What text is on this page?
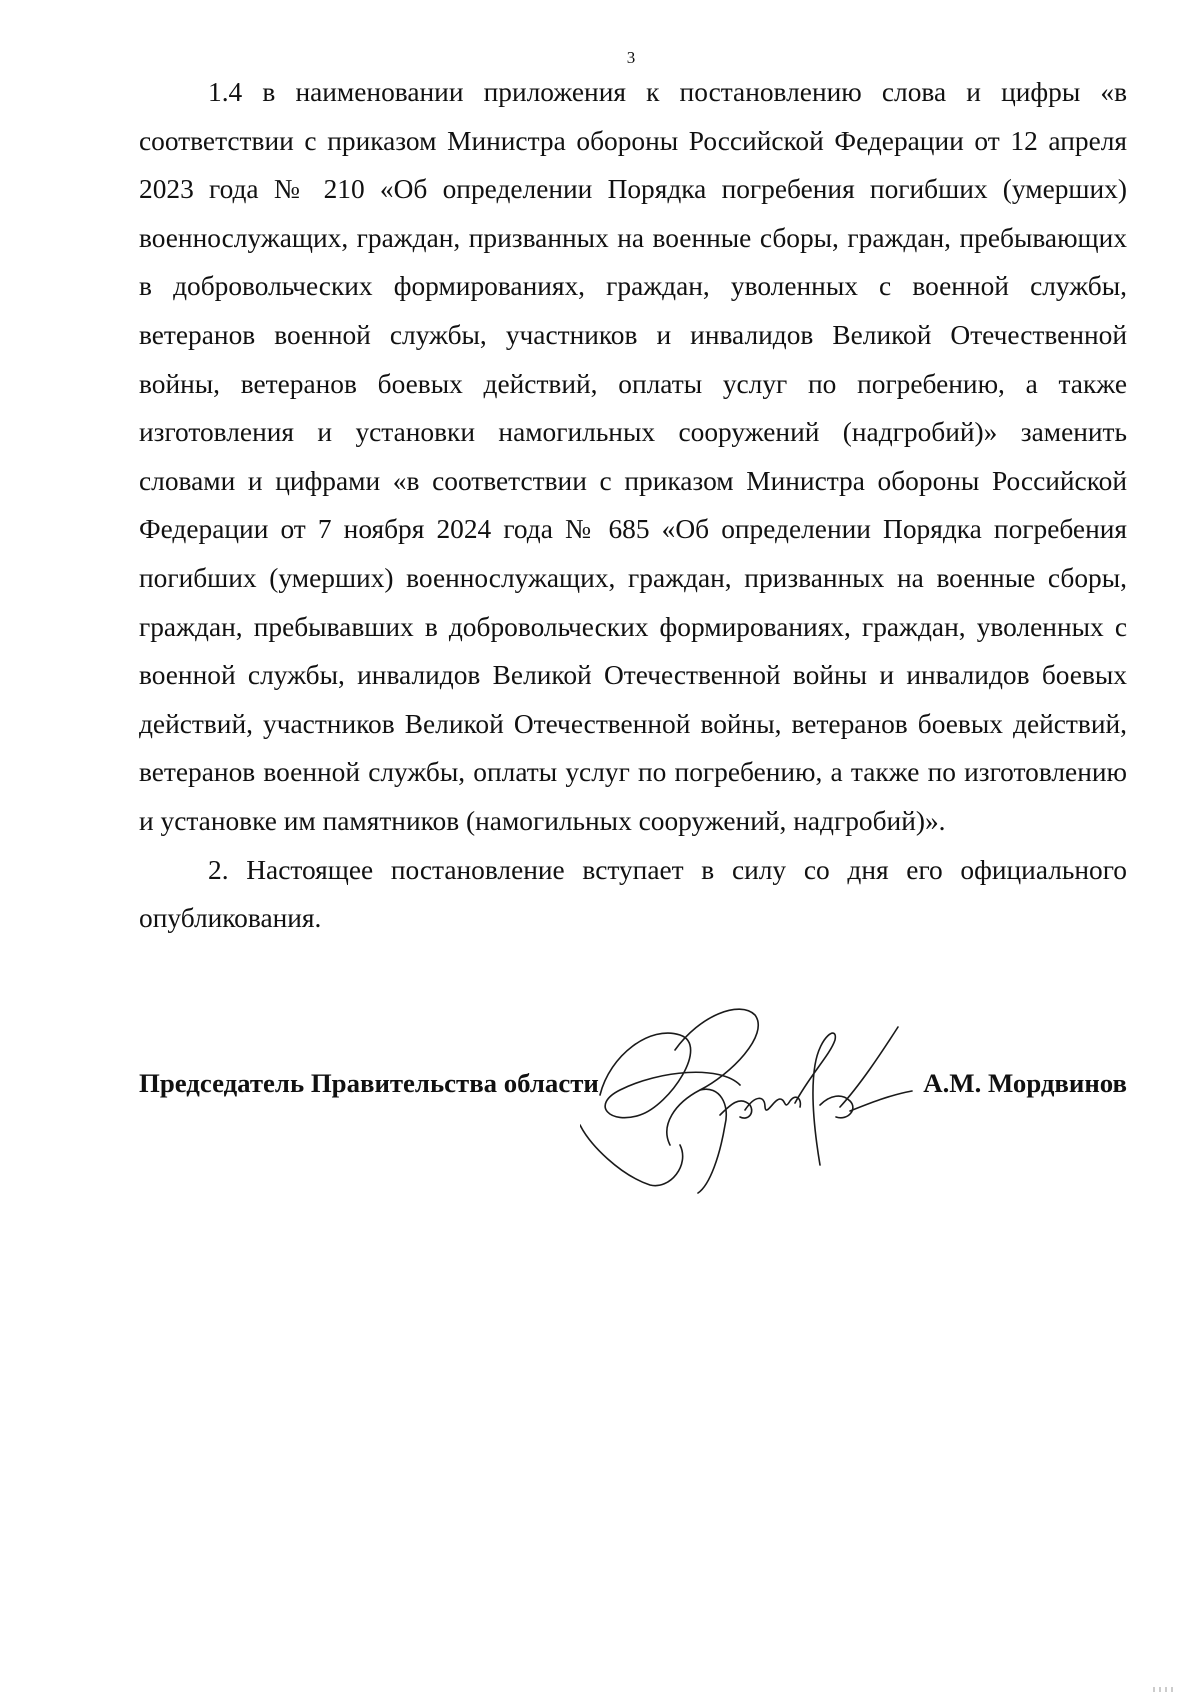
3

1.4 в наименовании приложения к постановлению слова и цифры «в соответствии с приказом Министра обороны Российской Федерации от 12 апреля 2023 года № 210 «Об определении Порядка погребения погибших (умерших) военнослужащих, граждан, призванных на военные сборы, граждан, пребывающих в добровольческих формированиях, граждан, уволенных с военной службы, ветеранов военной службы, участников и инвалидов Великой Отечественной войны, ветеранов боевых действий, оплаты услуг по погребению, а также изготовления и установки намогильных сооружений (надгробий)» заменить словами и цифрами «в соответствии с приказом Министра обороны Российской Федерации от 7 ноября 2024 года № 685 «Об определении Порядка погребения погибших (умерших) военнослужащих, граждан, призванных на военные сборы, граждан, пребывавших в добровольческих формированиях, граждан, уволенных с военной службы, инвалидов Великой Отечественной войны и инвалидов боевых действий, участников Великой Отечественной войны, ветеранов боевых действий, ветеранов военной службы, оплаты услуг по погребению, а также по изготовлению и установке им памятников (намогильных сооружений, надгробий)».

2. Настоящее постановление вступает в силу со дня его официального опубликования.

Председатель Правительства области	А.М. Мордвинов
